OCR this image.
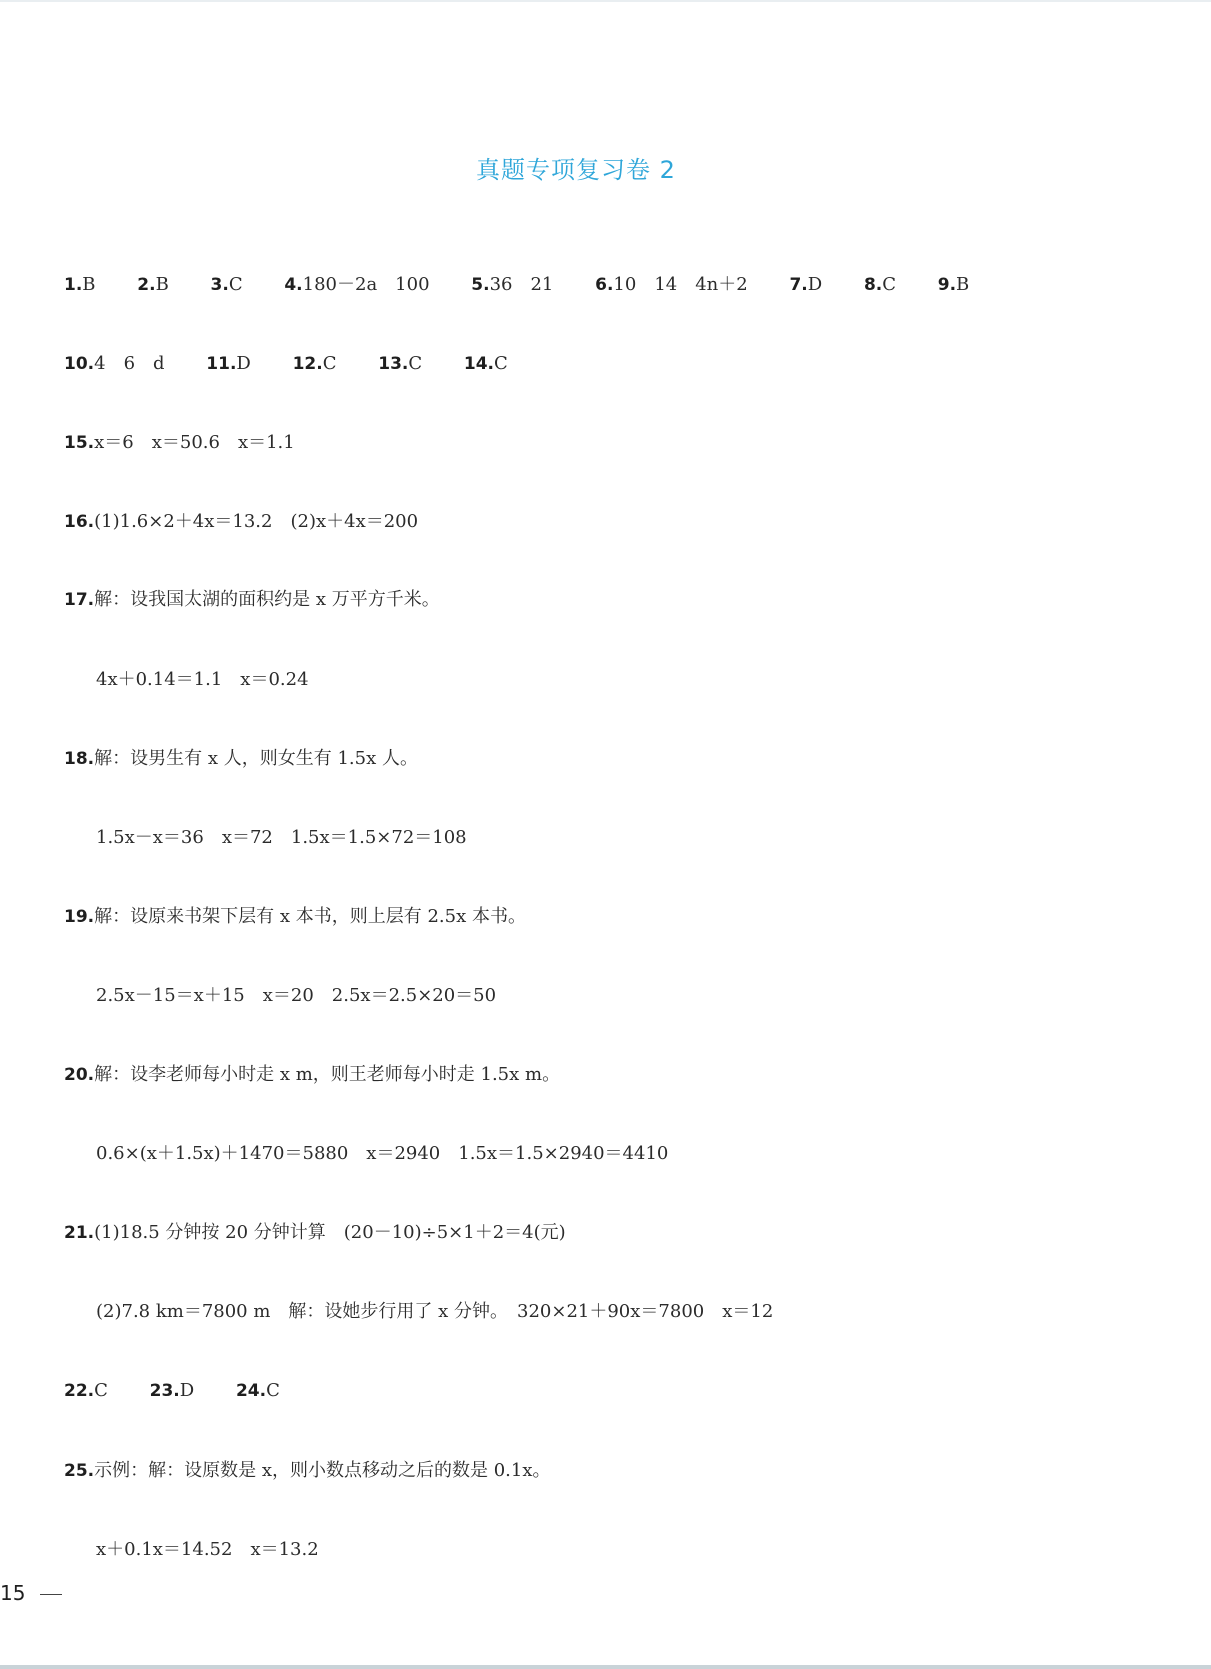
真题专项复习卷 2
1.B 2.B 3.C 4.180－2a　100 5.36　21 6.10　14　4n＋2 7.D 8.C 9.B
10.4　6　d 11.D 12.C 13.C 14.C
15.x＝6　x＝50.6　x＝1.1
16.(1)1.6×2＋4x＝13.2　(2)x＋4x＝200
17.解：设我国太湖的面积约是 x 万平方千米。
4x＋0.14＝1.1　x＝0.24
18.解：设男生有 x 人，则女生有 1.5x 人。
1.5x－x＝36　x＝72　1.5x＝1.5×72＝108
19.解：设原来书架下层有 x 本书，则上层有 2.5x 本书。
2.5x－15＝x＋15　x＝20　2.5x＝2.5×20＝50
20.解：设李老师每小时走 x m，则王老师每小时走 1.5x m。
0.6×(x＋1.5x)＋1470＝5880　x＝2940　1.5x＝1.5×2940＝4410
21.(1)18.5 分钟按 20 分钟计算　(20－10)÷5×1＋2＝4(元)
(2)7.8 km＝7800 m　解：设她步行用了 x 分钟。　320×21＋90x＝7800　x＝12
22.C 23.D 24.C
25.示例：解：设原数是 x，则小数点移动之后的数是 0.1x。
x＋0.1x＝14.52　x＝13.2
15
